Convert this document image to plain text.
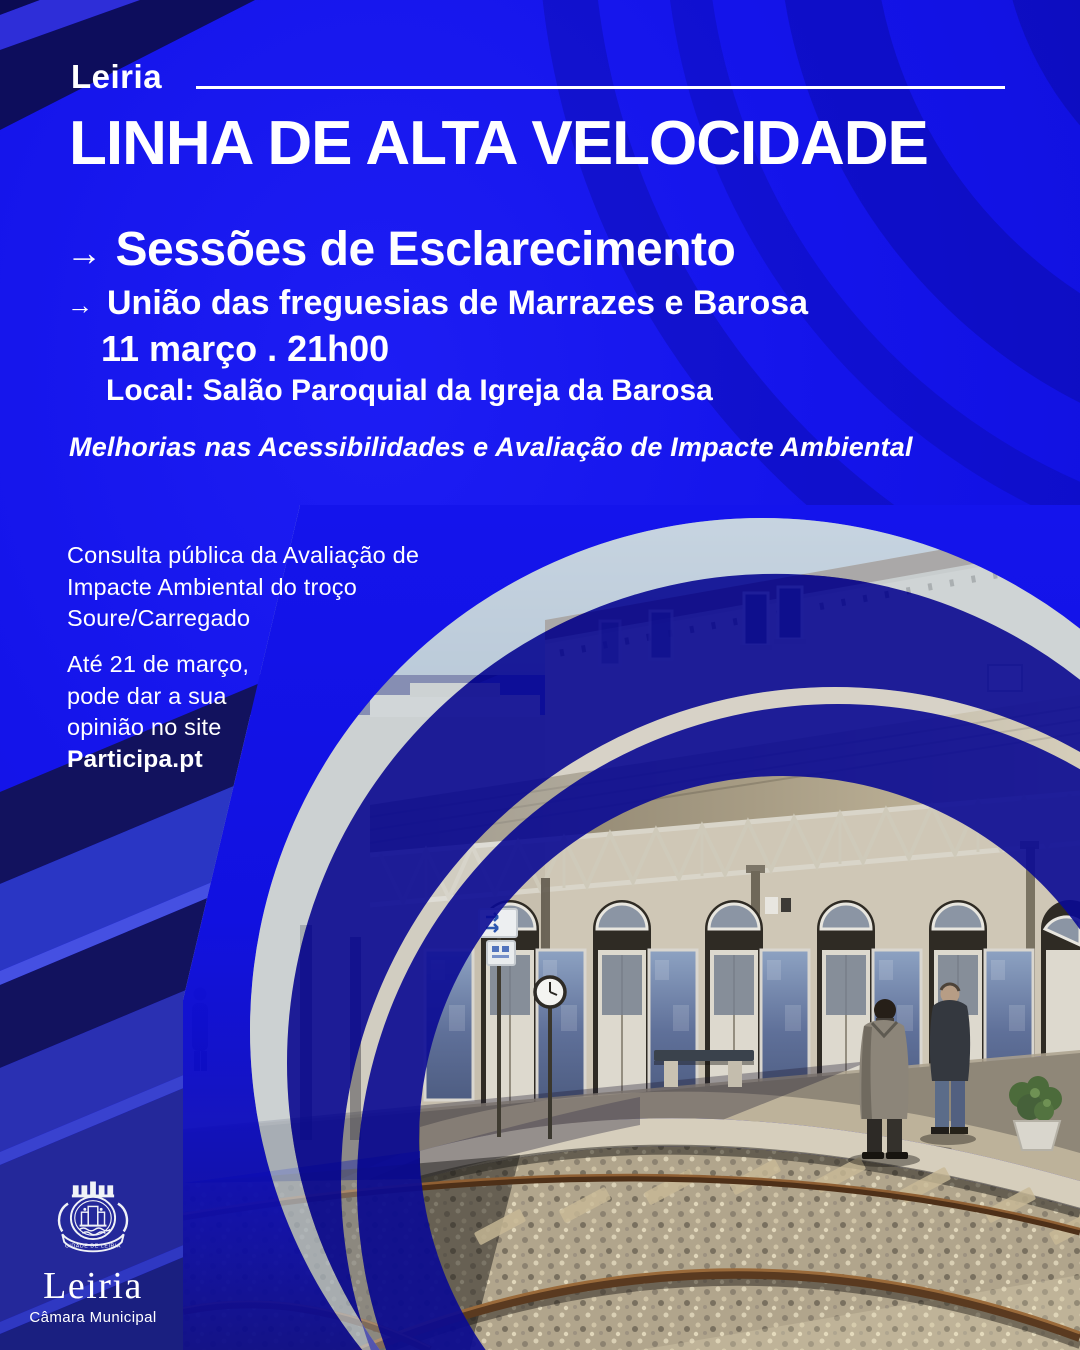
Leiria
LINHA DE ALTA VELOCIDADE
→ Sessões de Esclarecimento
→ União das freguesias de Marrazes e Barosa
11 março . 21h00
Local: Salão Paroquial da Igreja da Barosa
Melhorias nas Acessibilidades e Avaliação de Impacte Ambiental
Consulta pública da Avaliação de
Impacte Ambiental do troço
Soure/Carregado
Até 21 de março,
pode dar a sua
opinião no site
Participa.pt
CIDADE DE LEIRIA
Leiria
Câmara Municipal
